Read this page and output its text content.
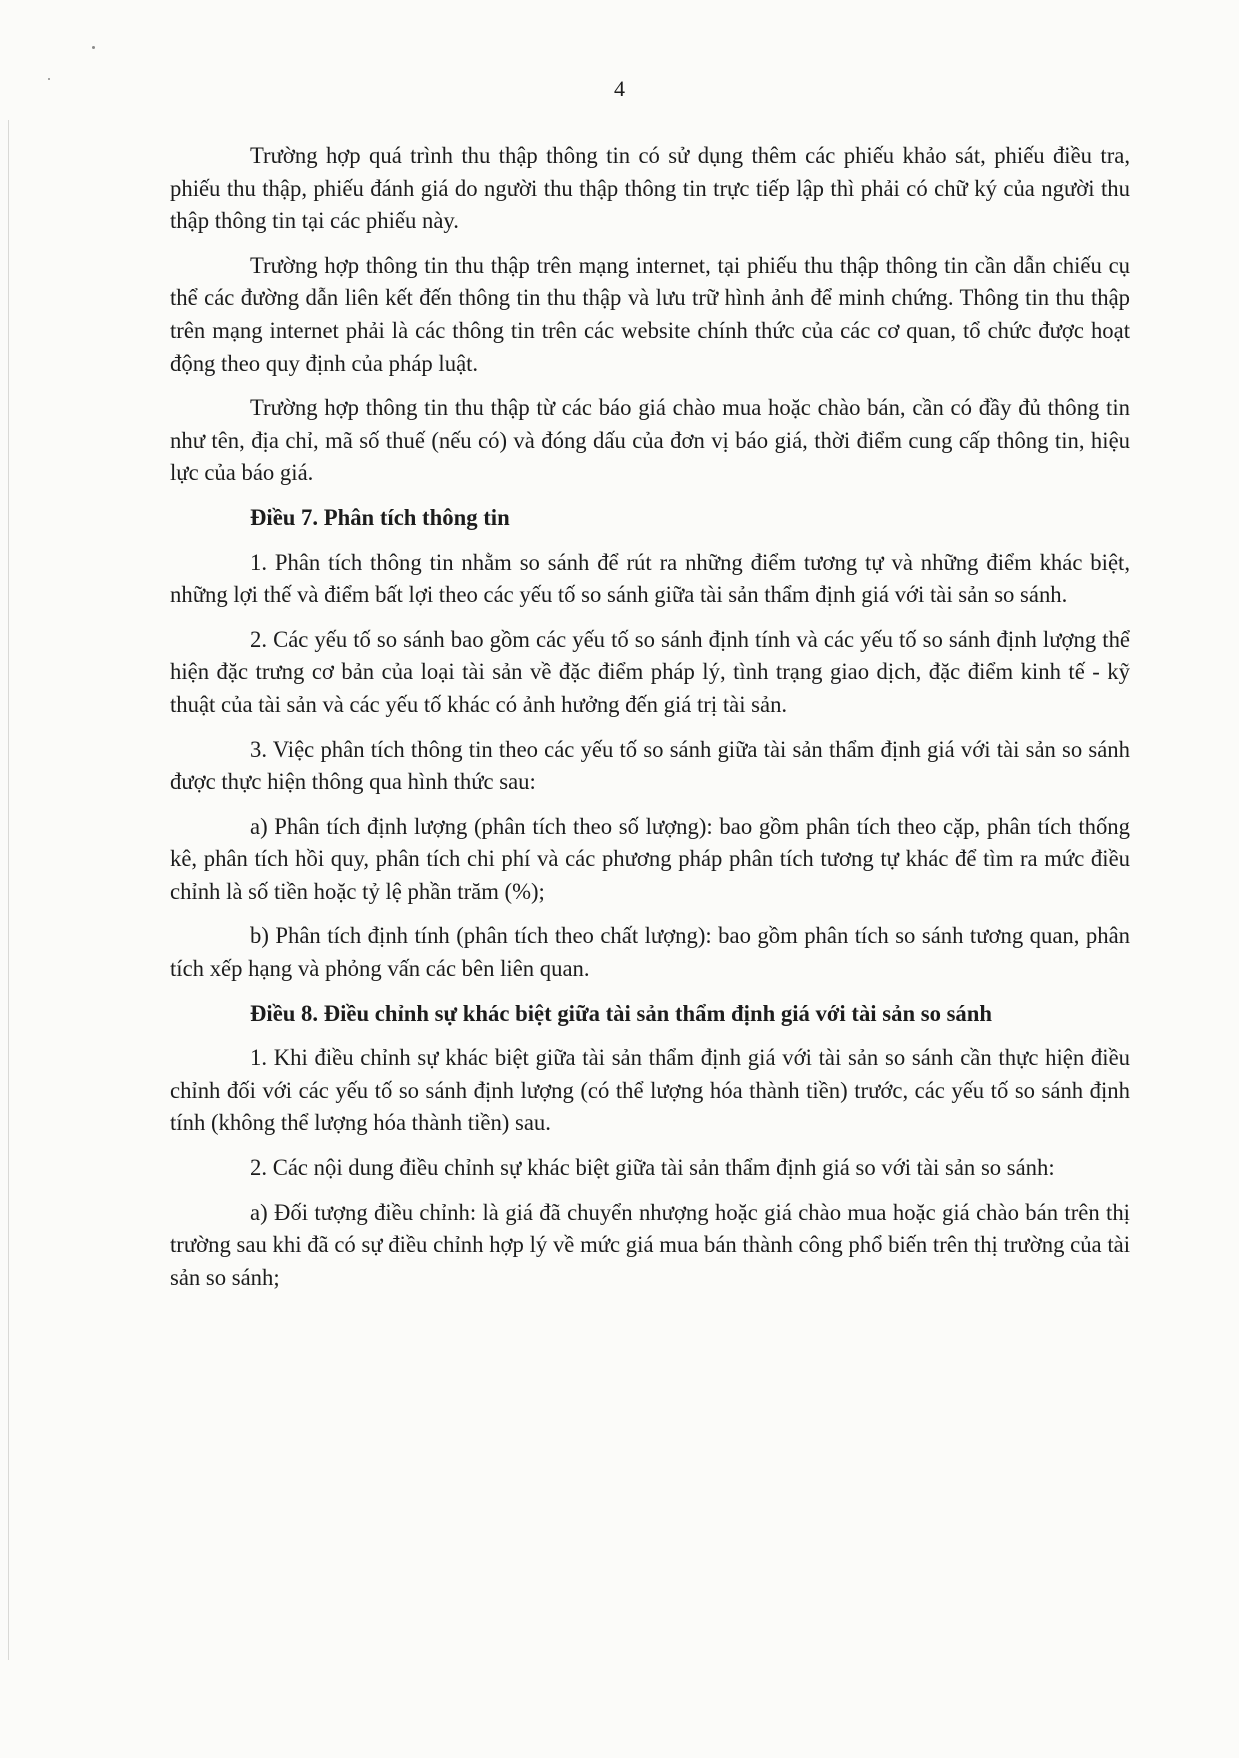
4

Trường hợp quá trình thu thập thông tin có sử dụng thêm các phiếu khảo sát, phiếu điều tra, phiếu thu thập, phiếu đánh giá do người thu thập thông tin trực tiếp lập thì phải có chữ ký của người thu thập thông tin tại các phiếu này.

Trường hợp thông tin thu thập trên mạng internet, tại phiếu thu thập thông tin cần dẫn chiếu cụ thể các đường dẫn liên kết đến thông tin thu thập và lưu trữ hình ảnh để minh chứng. Thông tin thu thập trên mạng internet phải là các thông tin trên các website chính thức của các cơ quan, tổ chức được hoạt động theo quy định của pháp luật.

Trường hợp thông tin thu thập từ các báo giá chào mua hoặc chào bán, cần có đầy đủ thông tin như tên, địa chỉ, mã số thuế (nếu có) và đóng dấu của đơn vị báo giá, thời điểm cung cấp thông tin, hiệu lực của báo giá.

Điều 7. Phân tích thông tin

1. Phân tích thông tin nhằm so sánh để rút ra những điểm tương tự và những điểm khác biệt, những lợi thế và điểm bất lợi theo các yếu tố so sánh giữa tài sản thẩm định giá với tài sản so sánh.

2. Các yếu tố so sánh bao gồm các yếu tố so sánh định tính và các yếu tố so sánh định lượng thể hiện đặc trưng cơ bản của loại tài sản về đặc điểm pháp lý, tình trạng giao dịch, đặc điểm kinh tế - kỹ thuật của tài sản và các yếu tố khác có ảnh hưởng đến giá trị tài sản.

3. Việc phân tích thông tin theo các yếu tố so sánh giữa tài sản thẩm định giá với tài sản so sánh được thực hiện thông qua hình thức sau:

a) Phân tích định lượng (phân tích theo số lượng): bao gồm phân tích theo cặp, phân tích thống kê, phân tích hồi quy, phân tích chi phí và các phương pháp phân tích tương tự khác để tìm ra mức điều chỉnh là số tiền hoặc tỷ lệ phần trăm (%);

b) Phân tích định tính (phân tích theo chất lượng): bao gồm phân tích so sánh tương quan, phân tích xếp hạng và phỏng vấn các bên liên quan.

Điều 8. Điều chỉnh sự khác biệt giữa tài sản thẩm định giá với tài sản so sánh

1. Khi điều chỉnh sự khác biệt giữa tài sản thẩm định giá với tài sản so sánh cần thực hiện điều chỉnh đối với các yếu tố so sánh định lượng (có thể lượng hóa thành tiền) trước, các yếu tố so sánh định tính (không thể lượng hóa thành tiền) sau.

2. Các nội dung điều chỉnh sự khác biệt giữa tài sản thẩm định giá so với tài sản so sánh:

a) Đối tượng điều chỉnh: là giá đã chuyển nhượng hoặc giá chào mua hoặc giá chào bán trên thị trường sau khi đã có sự điều chỉnh hợp lý về mức giá mua bán thành công phổ biến trên thị trường của tài sản so sánh;
